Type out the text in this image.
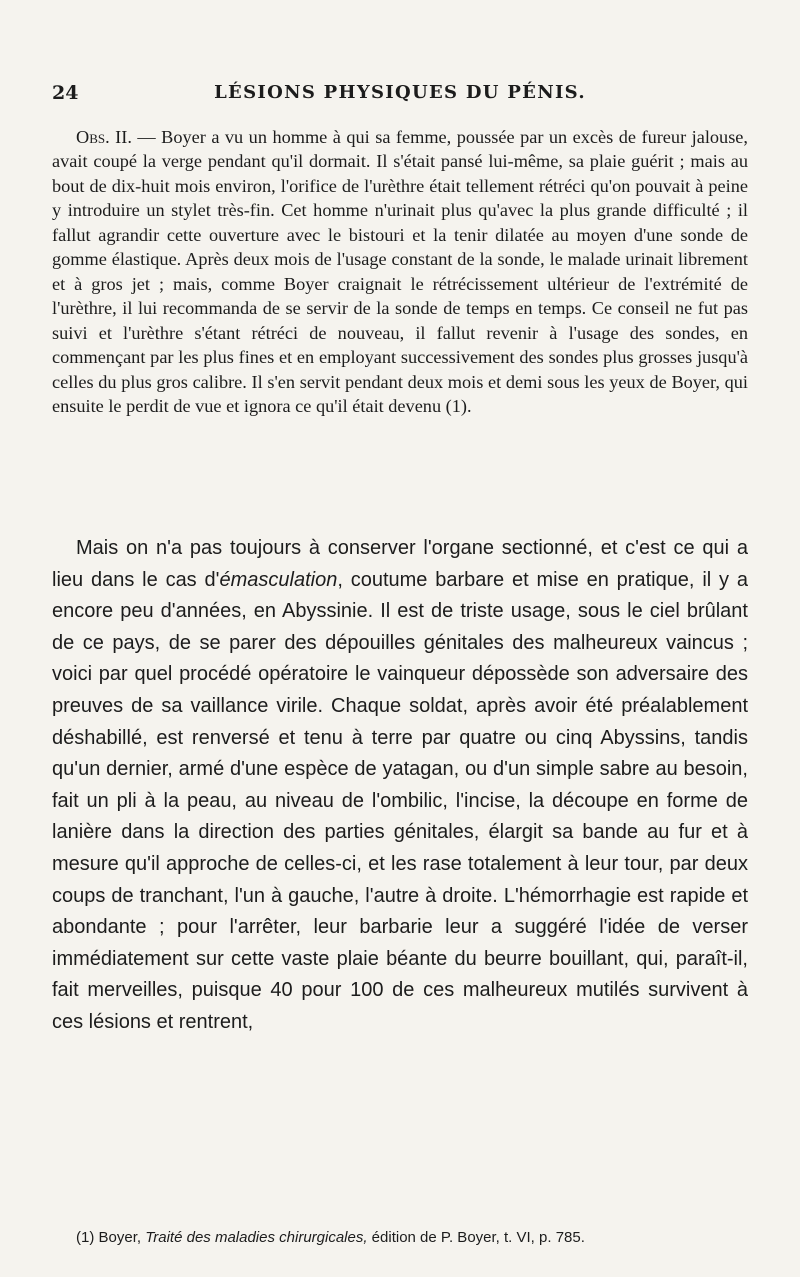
24	LÉSIONS PHYSIQUES DU PÉNIS.

Obs. II. — Boyer a vu un homme à qui sa femme, poussée par un excès de fureur jalouse, avait coupé la verge pendant qu'il dormait. Il s'était pansé lui-même, sa plaie guérit ; mais au bout de dix-huit mois environ, l'orifice de l'urèthre était tellement rétréci qu'on pouvait à peine y introduire un stylet très-fin. Cet homme n'urinait plus qu'avec la plus grande difficulté ; il fallut agrandir cette ouverture avec le bistouri et la tenir dilatée au moyen d'une sonde de gomme élastique. Après deux mois de l'usage constant de la sonde, le malade urinait librement et à gros jet ; mais, comme Boyer craignait le rétrécissement ultérieur de l'extrémité de l'urèthre, il lui recommanda de se servir de la sonde de temps en temps. Ce conseil ne fut pas suivi et l'urèthre s'étant rétréci de nouveau, il fallut revenir à l'usage des sondes, en commençant par les plus fines et en employant successivement des sondes plus grosses jusqu'à celles du plus gros calibre. Il s'en servit pendant deux mois et demi sous les yeux de Boyer, qui ensuite le perdit de vue et ignora ce qu'il était devenu (1).

Mais on n'a pas toujours à conserver l'organe sectionné, et c'est ce qui a lieu dans le cas d'émasculation, coutume barbare et mise en pratique, il y a encore peu d'années, en Abyssinie. Il est de triste usage, sous le ciel brûlant de ce pays, de se parer des dépouilles génitales des malheureux vaincus ; voici par quel procédé opératoire le vainqueur dépossède son adversaire des preuves de sa vaillance virile. Chaque soldat, après avoir été préalablement déshabillé, est renversé et tenu à terre par quatre ou cinq Abyssins, tandis qu'un dernier, armé d'une espèce de yatagan, ou d'un simple sabre au besoin, fait un pli à la peau, au niveau de l'ombilic, l'incise, la découpe en forme de lanière dans la direction des parties génitales, élargit sa bande au fur et à mesure qu'il approche de celles-ci, et les rase totalement à leur tour, par deux coups de tranchant, l'un à gauche, l'autre à droite. L'hémorrhagie est rapide et abondante ; pour l'arrêter, leur barbarie leur a suggéré l'idée de verser immédiatement sur cette vaste plaie béante du beurre bouillant, qui, paraît-il, fait merveilles, puisque 40 pour 100 de ces malheureux mutilés survivent à ces lésions et rentrent,

(1) Boyer, Traité des maladies chirurgicales, édition de P. Boyer, t. VI, p. 785.
